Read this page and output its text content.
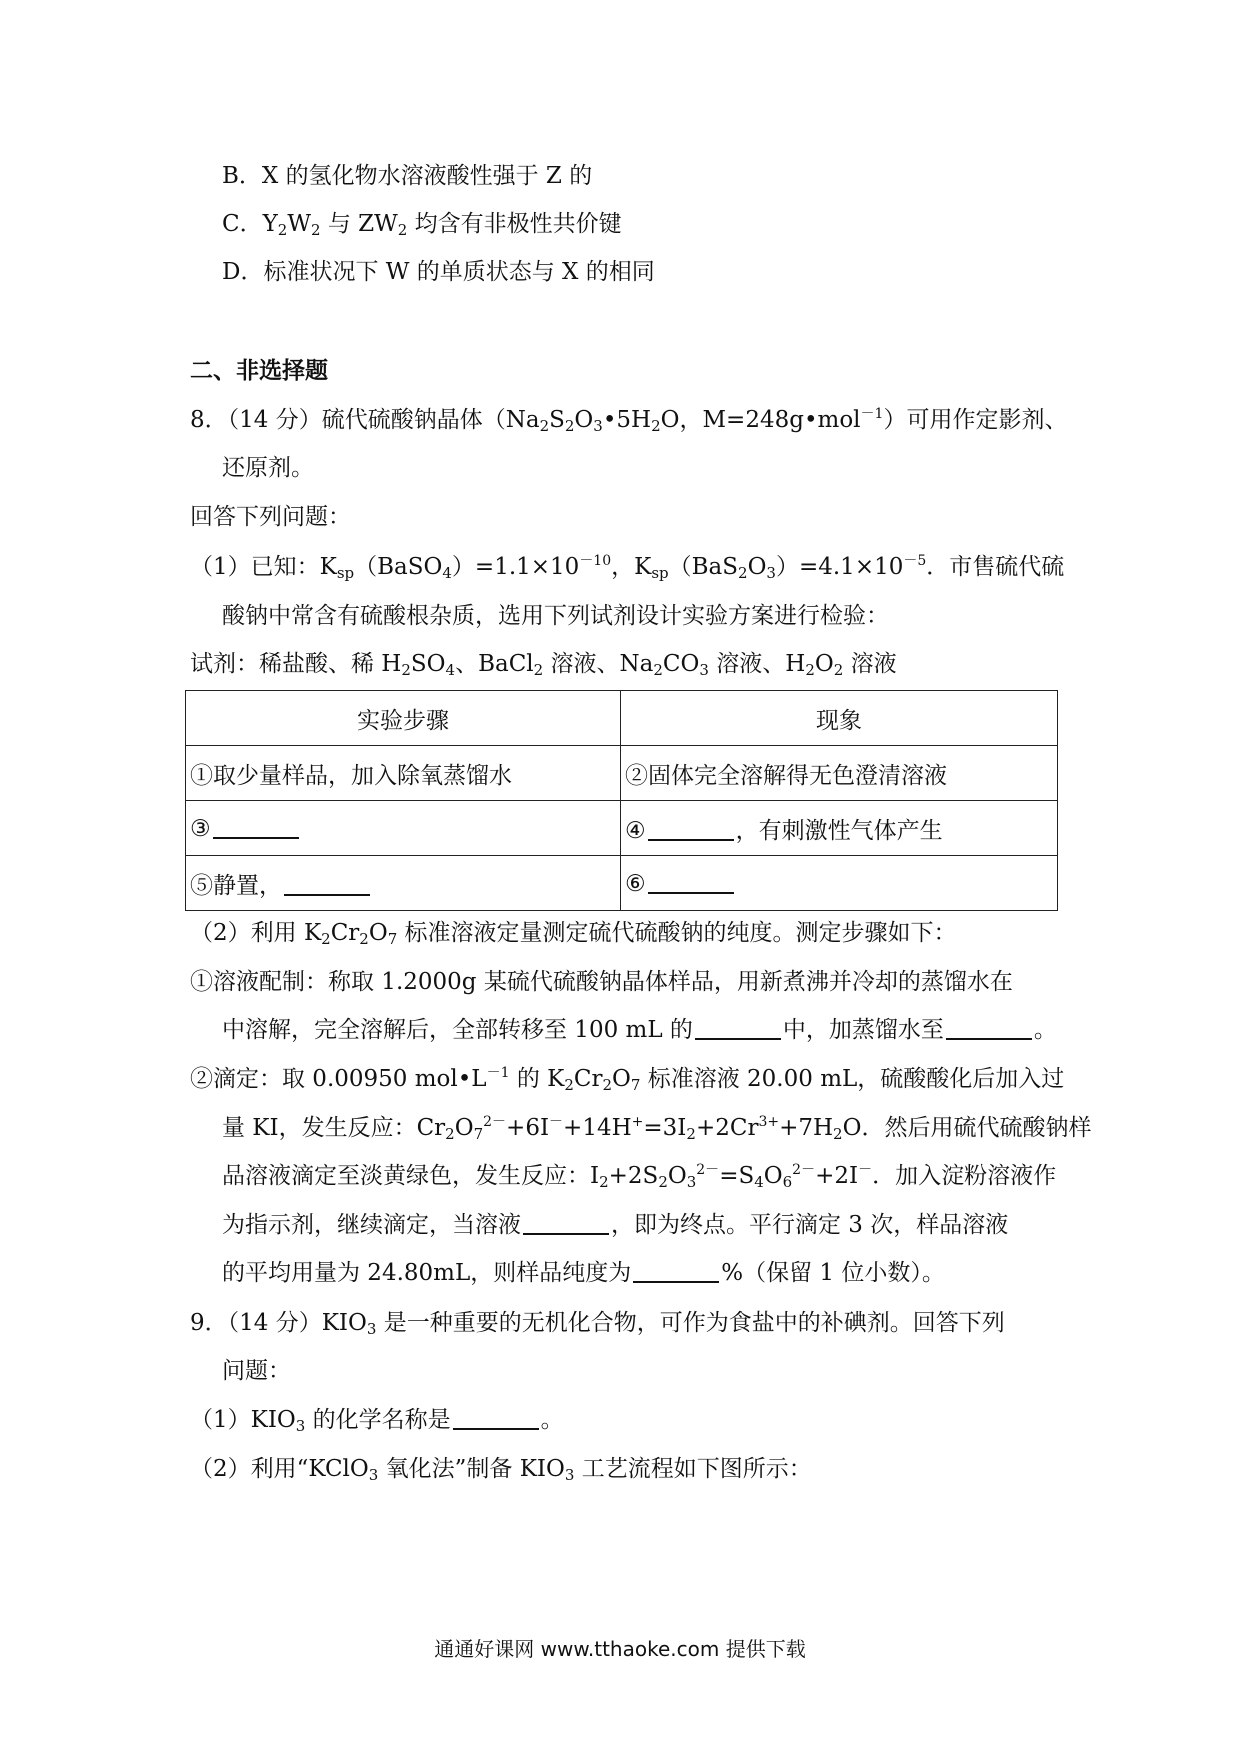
B．X 的氢化物水溶液酸性强于 Z 的
C．$Y_2W_2$ 与 $ZW_2$ 均含有非极性共价键
D．标准状况下 W 的单质状态与 X 的相同
二、非选择题
8．（14 分）硫代硫酸钠晶体（$Na_2S_2O_3•5H_2O$，M=248g•mol$^{-1}$）可用作定影剂、
还原剂。
回答下列问题：
（1）已知：$K_{sp}(BaSO_4)=1.1\times 10^{-10}$，$K_{sp}(BaS_2O_3)=4.1\times 10^{-5}$．市售硫代硫
酸钠中常含有硫酸根杂质，选用下列试剂设计实验方案进行检验：
试剂：稀盐酸、稀 $H_2SO_4$、BaCl$_2$ 溶液、$Na_2CO_3$ 溶液、$H_2O_2$ 溶液
实验步骤	现象
①取少量样品，加入除氧蒸馏水	②固体完全溶解得无色澄清溶液
③	④ ，有刺激性气体产生
⑤静置，	⑥
（2）利用 $K_2Cr_2O_7$ 标准溶液定量测定硫代硫酸钠的纯度。测定步骤如下：
①溶液配制：称取 1.2000g 某硫代硫酸钠晶体样品，用新煮沸并冷却的蒸馏水在
中溶解，完全溶解后，全部转移至 100 mL 的	中，加蒸馏水至	。
②滴定：取 0.00950 $mol•L^{-1}$ 的 $K_2Cr_2O_7$ 标准溶液 20.00 mL，硫酸酸化后加入过
量 KI，发生反应：$Cr_2O_7^{2-}+6I^-+14H^+=3I_2+2Cr^{3+}+7H_2O$．然后用硫代硫酸钠样
品溶液滴定至淡黄绿色，发生反应：$I_2+2S_2O_3^{2-}=S_4O_6^{2-}+2I^-$．加入淀粉溶液作
为指示剂，继续滴定，当溶液	，即为终点。平行滴定 3 次，样品溶液
的平均用量为 24.80mL，则样品纯度为	%（保留 1 位小数）。
9．（14 分）$KIO_3$ 是一种重要的无机化合物，可作为食盐中的补碘剂。回答下列
问题：
$(1)KIO_3$ 的化学名称是	。
（2）利用“KClO$_3$ 氧化法”制备 $KIO_3$ 工艺流程如下图所示：
通通好课网 www.tthaoke.com 提供下载
